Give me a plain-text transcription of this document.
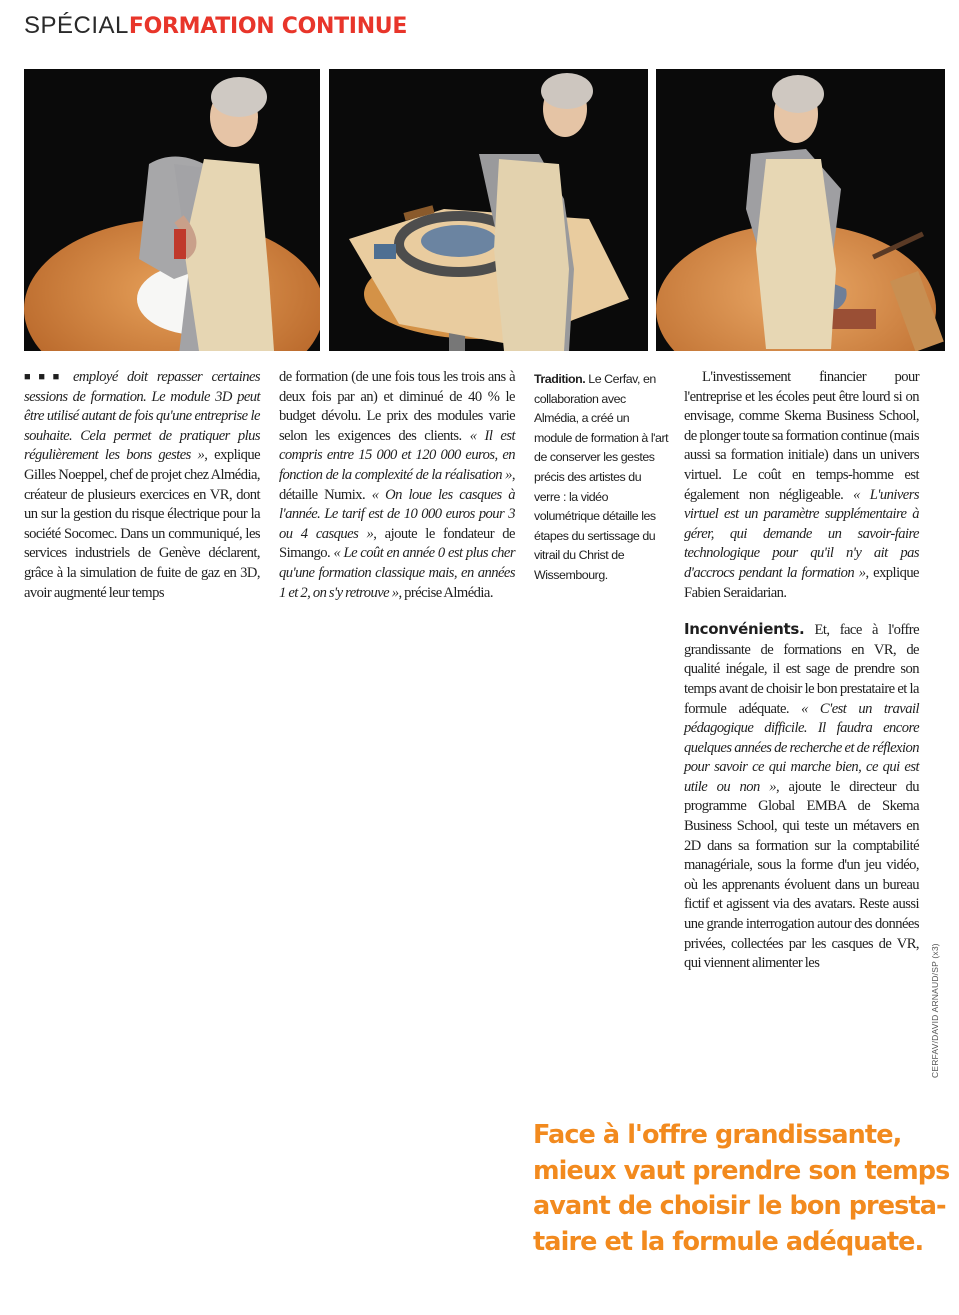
SPÉCIAL FORMATION CONTINUE

■■■ employé doit repasser certaines sessions de formation. Le module 3D peut être utilisé autant de fois qu'une entreprise le souhaite. Cela permet de pratiquer plus régulièrement les bons gestes », explique Gilles Noeppel, chef de projet chez Almédia, créateur de plusieurs exercices en VR, dont un sur la gestion du risque électrique pour la société Socomec. Dans un communiqué, les services industriels de Genève déclarent, grâce à la simulation de fuite de gaz en 3D, avoir augmenté leur temps

de formation (de une fois tous les trois ans à deux fois par an) et diminué de 40 % le budget dévolu. Le prix des modules varie selon les exigences des clients. « Il est compris entre 15 000 et 120 000 euros, en fonction de la complexité de la réalisation », détaille Numix. « On loue les casques à l'année. Le tarif est de 10 000 euros pour 3 ou 4 casques », ajoute le fondateur de Simango. « Le coût en année 0 est plus cher qu'une formation classique mais, en années 1 et 2, on s'y retrouve », précise Almédia.

Tradition. Le Cerfav, en collaboration avec Almédia, a créé un module de formation à l'art de conserver les gestes précis des artistes du verre : la vidéo volumétrique détaille les étapes du sertissage du vitrail du Christ de Wissembourg.

L'investissement financier pour l'entreprise et les écoles peut être lourd si on envisage, comme Skema Business School, de plonger toute sa formation continue (mais aussi sa formation initiale) dans un univers virtuel. Le coût en temps-homme est également non négligeable. « L'univers virtuel est un paramètre supplémentaire à gérer, qui demande un savoir-faire technologique pour qu'il n'y ait pas d'accrocs pendant la formation », explique Fabien Seraidarian.

Inconvénients. Et, face à l'offre grandissante de formations en VR, de qualité inégale, il est sage de prendre son temps avant de choisir le bon prestataire et la formule adéquate. « C'est un travail pédagogique difficile. Il faudra encore quelques années de recherche et de réflexion pour savoir ce qui marche bien, ce qui est utile ou non », ajoute le directeur du programme Global EMBA de Skema Business School, qui teste un métavers en 2D dans sa formation sur la comptabilité managériale, sous la forme d'un jeu vidéo, où les apprenants évoluent dans un bureau fictif et agissent via des avatars. Reste aussi une grande interrogation autour des données privées, collectées par les casques de VR, qui viennent alimenter les	CERFAV/DAVID ARNAUD/SP (x3)
Face à l'offre grandissante,
mieux vaut prendre son temps
avant de choisir le bon presta-
taire et la formule adéquate.
